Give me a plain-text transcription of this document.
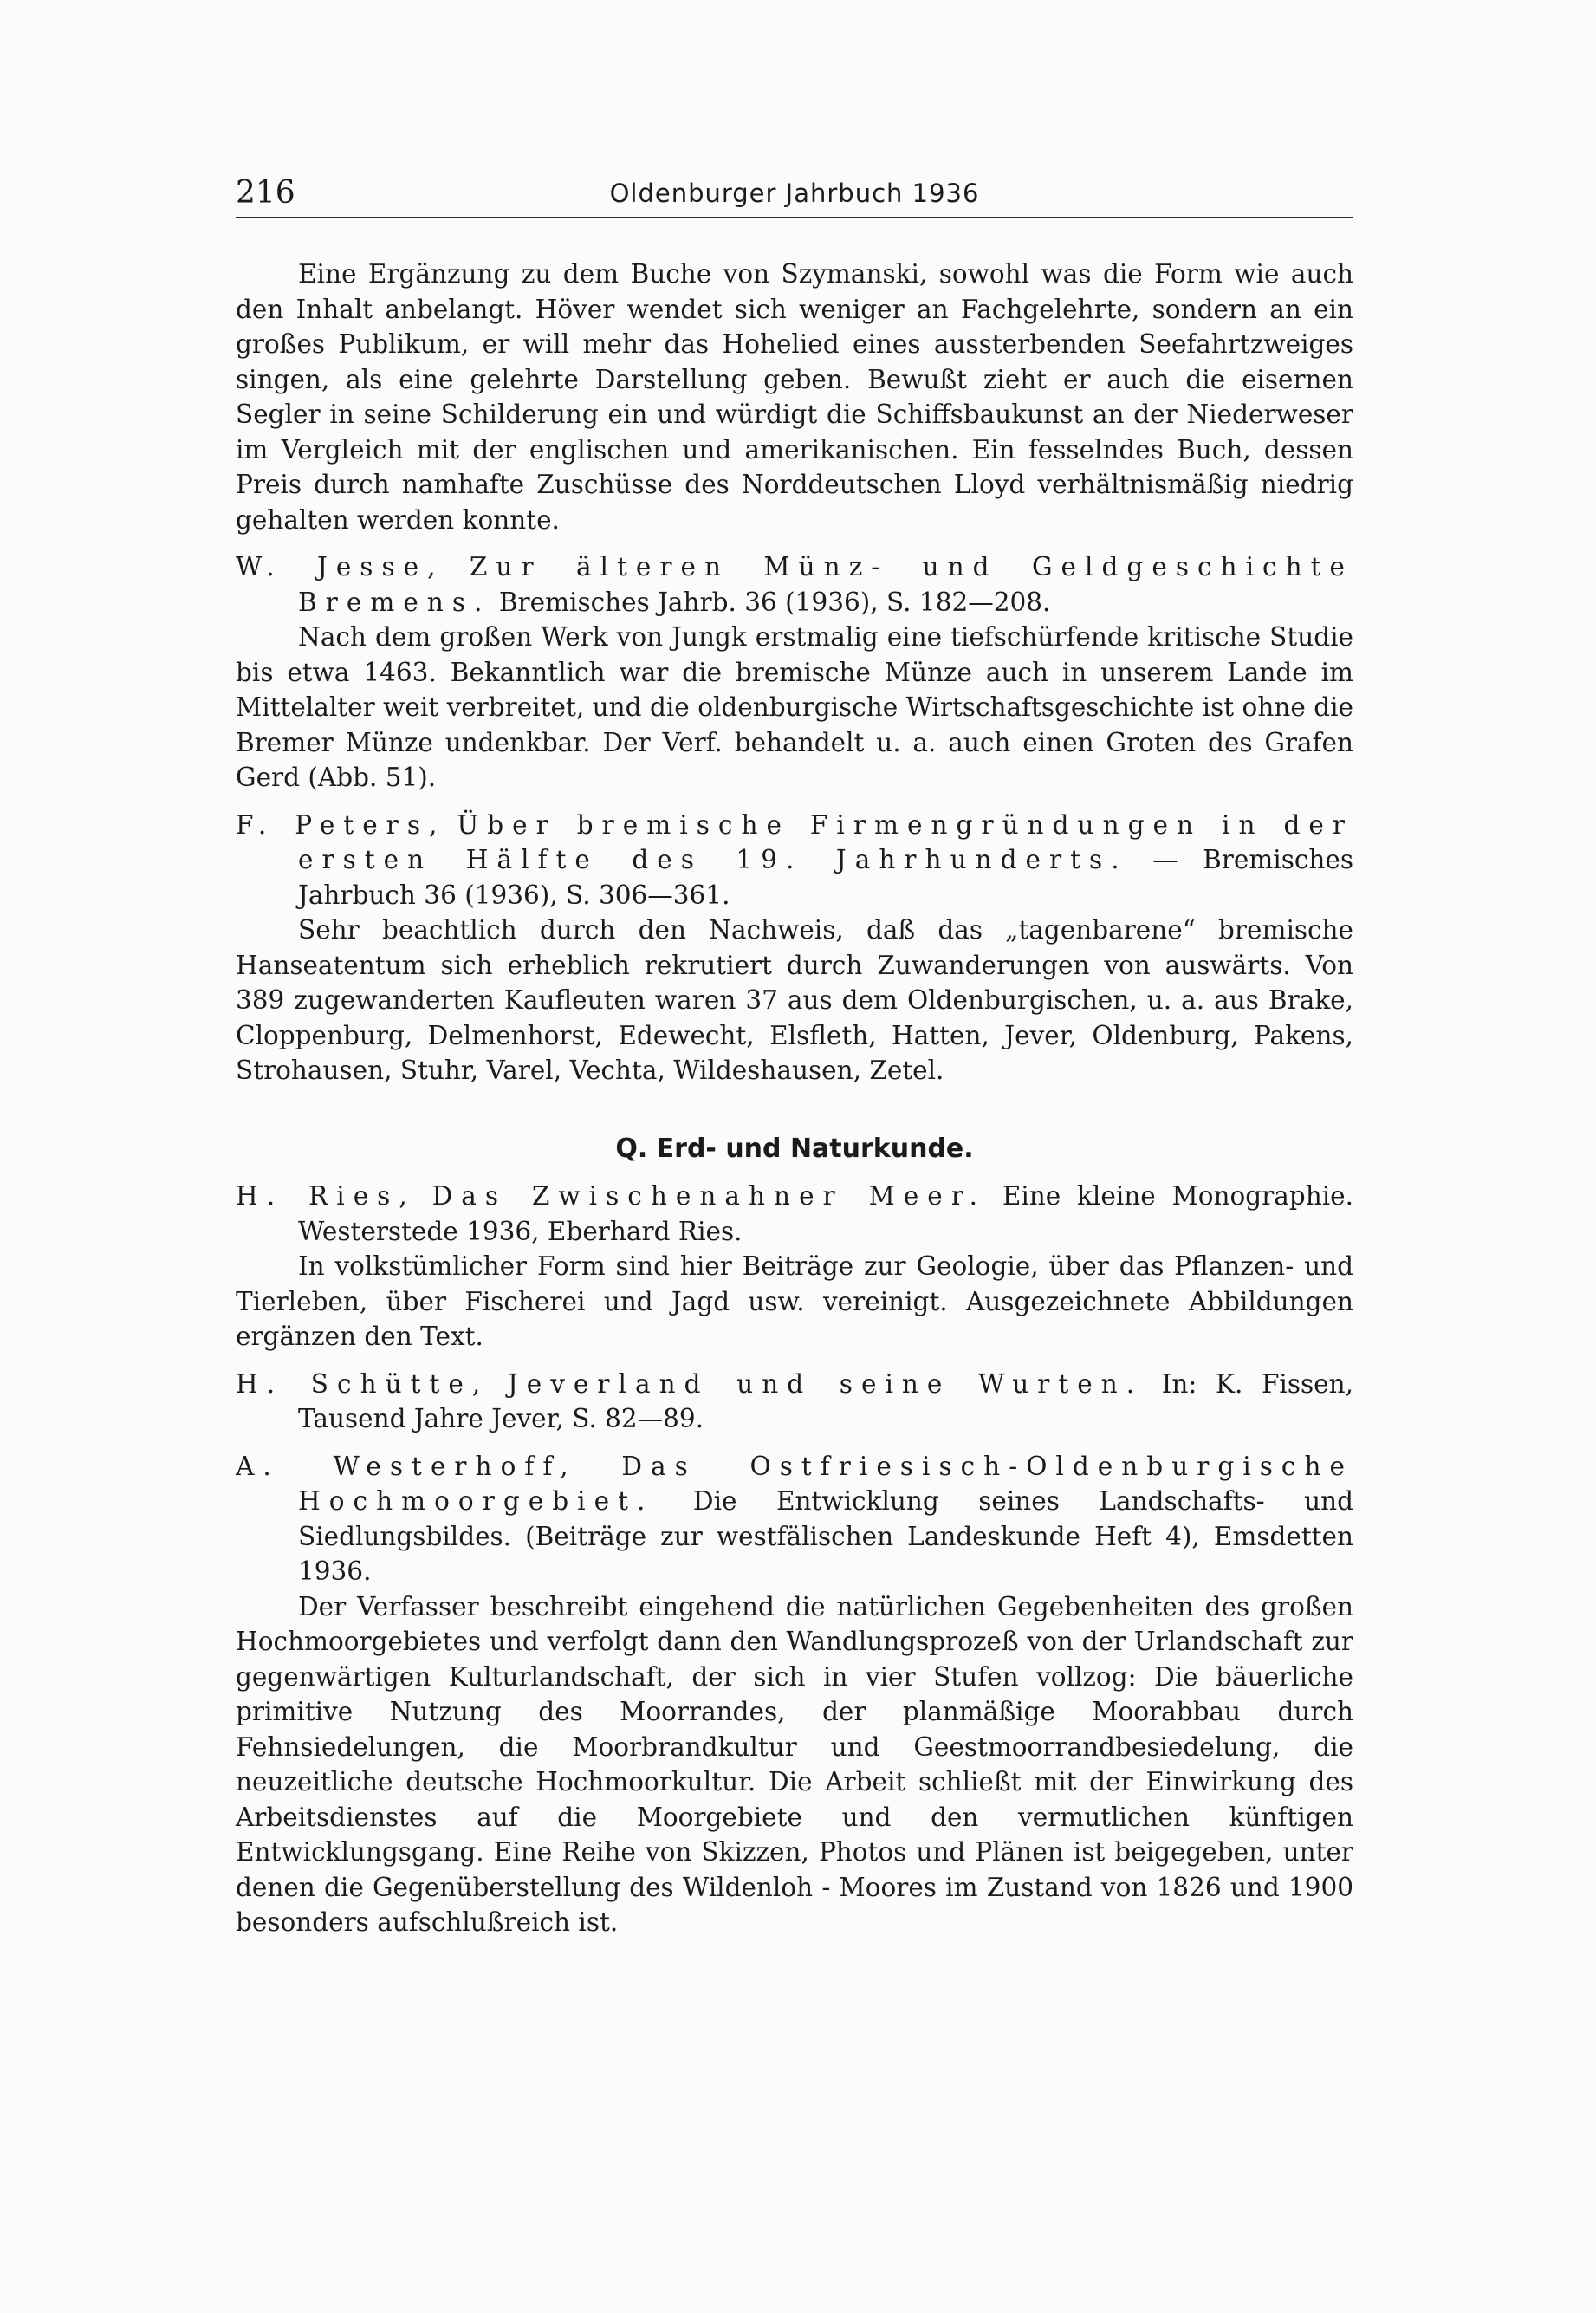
216	Oldenburger Jahrbuch 1936

Eine Ergänzung zu dem Buche von Szymanski, sowohl was die Form wie auch den Inhalt anbelangt. Höver wendet sich weniger an Fachgelehrte, sondern an ein großes Publikum, er will mehr das Hohelied eines aussterbenden Seefahrtzweiges singen, als eine gelehrte Darstellung geben. Bewußt zieht er auch die eisernen Segler in seine Schilderung ein und würdigt die Schiffsbaukunst an der Niederweser im Vergleich mit der englischen und amerikanischen. Ein fesselndes Buch, dessen Preis durch namhafte Zuschüsse des Norddeutschen Lloyd verhältnismäßig niedrig gehalten werden konnte.

W. Jesse, Zur älteren Münz- und Geldgeschichte Bremens. Bremisches Jahrb. 36 (1936), S. 182—208.

Nach dem großen Werk von Jungk erstmalig eine tiefschürfende kritische Studie bis etwa 1463. Bekanntlich war die bremische Münze auch in unserem Lande im Mittelalter weit verbreitet, und die oldenburgische Wirtschaftsgeschichte ist ohne die Bremer Münze undenkbar. Der Verf. behandelt u. a. auch einen Groten des Grafen Gerd (Abb. 51).

F. Peters, Über bremische Firmengründungen in der ersten Hälfte des 19. Jahrhunderts. — Bremisches Jahrbuch 36 (1936), S. 306—361.

Sehr beachtlich durch den Nachweis, daß das „tagenbarene“ bremische Hanseatentum sich erheblich rekrutiert durch Zuwanderungen von auswärts. Von 389 zugewanderten Kaufleuten waren 37 aus dem Oldenburgischen, u. a. aus Brake, Cloppenburg, Delmenhorst, Edewecht, Elsfleth, Hatten, Jever, Oldenburg, Pakens, Strohausen, Stuhr, Varel, Vechta, Wildeshausen, Zetel.

Q. Erd- und Naturkunde.

H. Ries, Das Zwischenahner Meer. Eine kleine Monographie. Westerstede 1936, Eberhard Ries.

In volkstümlicher Form sind hier Beiträge zur Geologie, über das Pflanzen- und Tierleben, über Fischerei und Jagd usw. vereinigt. Ausgezeichnete Abbildungen ergänzen den Text.

H. Schütte, Jeverland und seine Wurten. In: K. Fissen, Tausend Jahre Jever, S. 82—89.

A. Westerhoff, Das Ostfriesisch-Oldenburgische Hochmoorgebiet. Die Entwicklung seines Landschafts- und Siedlungsbildes. (Beiträge zur westfälischen Landeskunde Heft 4), Emsdetten 1936.

Der Verfasser beschreibt eingehend die natürlichen Gegebenheiten des großen Hochmoorgebietes und verfolgt dann den Wandlungsprozeß von der Urlandschaft zur gegenwärtigen Kulturlandschaft, der sich in vier Stufen vollzog: Die bäuerliche primitive Nutzung des Moorrandes, der planmäßige Moorabbau durch Fehnsiedelungen, die Moorbrandkultur und Geestmoorrandbesiedelung, die neuzeitliche deutsche Hochmoorkultur. Die Arbeit schließt mit der Einwirkung des Arbeitsdienstes auf die Moorgebiete und den vermutlichen künftigen Entwicklungsgang. Eine Reihe von Skizzen, Photos und Plänen ist beigegeben, unter denen die Gegenüberstellung des Wildenloh - Moores im Zustand von 1826 und 1900 besonders aufschlußreich ist.
